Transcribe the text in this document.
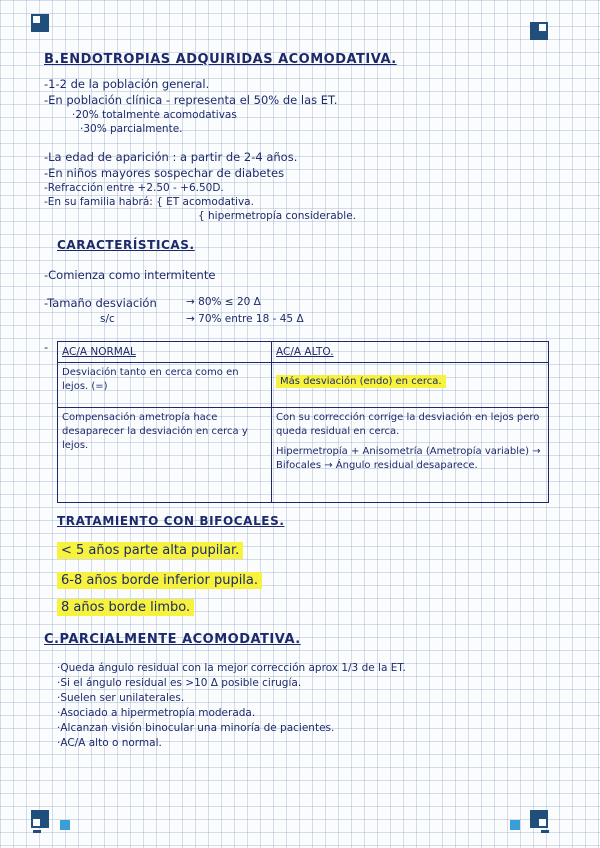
B.ENDOTROPIAS ADQUIRIDAS ACOMODATIVA.
-1-2 de la población general.
-En población clínica - representa el 50% de las ET.
·20% totalmente acomodativas
·30% parcialmente.
-La edad de aparición : a partir de 2-4 años.
-En niños mayores sospechar de diabetes
-Refracción entre +2.50 - +6.50D.
-En su familia habrá: { ET acomodativa.
{ hipermetropía considerable.
CARACTERÍSTICAS.
-Comienza como intermitente
-Tamaño desviación
s/c
→ 80% ≤ 20 Δ
→ 70% entre 18 - 45 Δ
- AC/A NORMAL	AC/A ALTO.

Desviación tanto en cerca como en lejos. (=)	Más desviación (endo) en cerca.

Compensación ametropía hace desaparecer la desviación en cerca y lejos.	Con su corrección corrige la desviación en lejos pero queda residual en cerca.
Hipermetropía + Anisometría (Ametropía variable) → Bifocales → Ángulo residual desaparece.
TRATAMIENTO CON BIFOCALES.
< 5 años parte alta pupilar.
6-8 años borde inferior pupila.
8 años borde limbo.
C.PARCIALMENTE ACOMODATIVA.
·Queda ángulo residual con la mejor corrección aprox 1/3 de la ET.
·Si el ángulo residual es >10 Δ posible cirugía.
·Suelen ser unilaterales.
·Asociado a hipermetropía moderada.
·Alcanzan visión binocular una minoría de pacientes.
·AC/A alto o normal.
